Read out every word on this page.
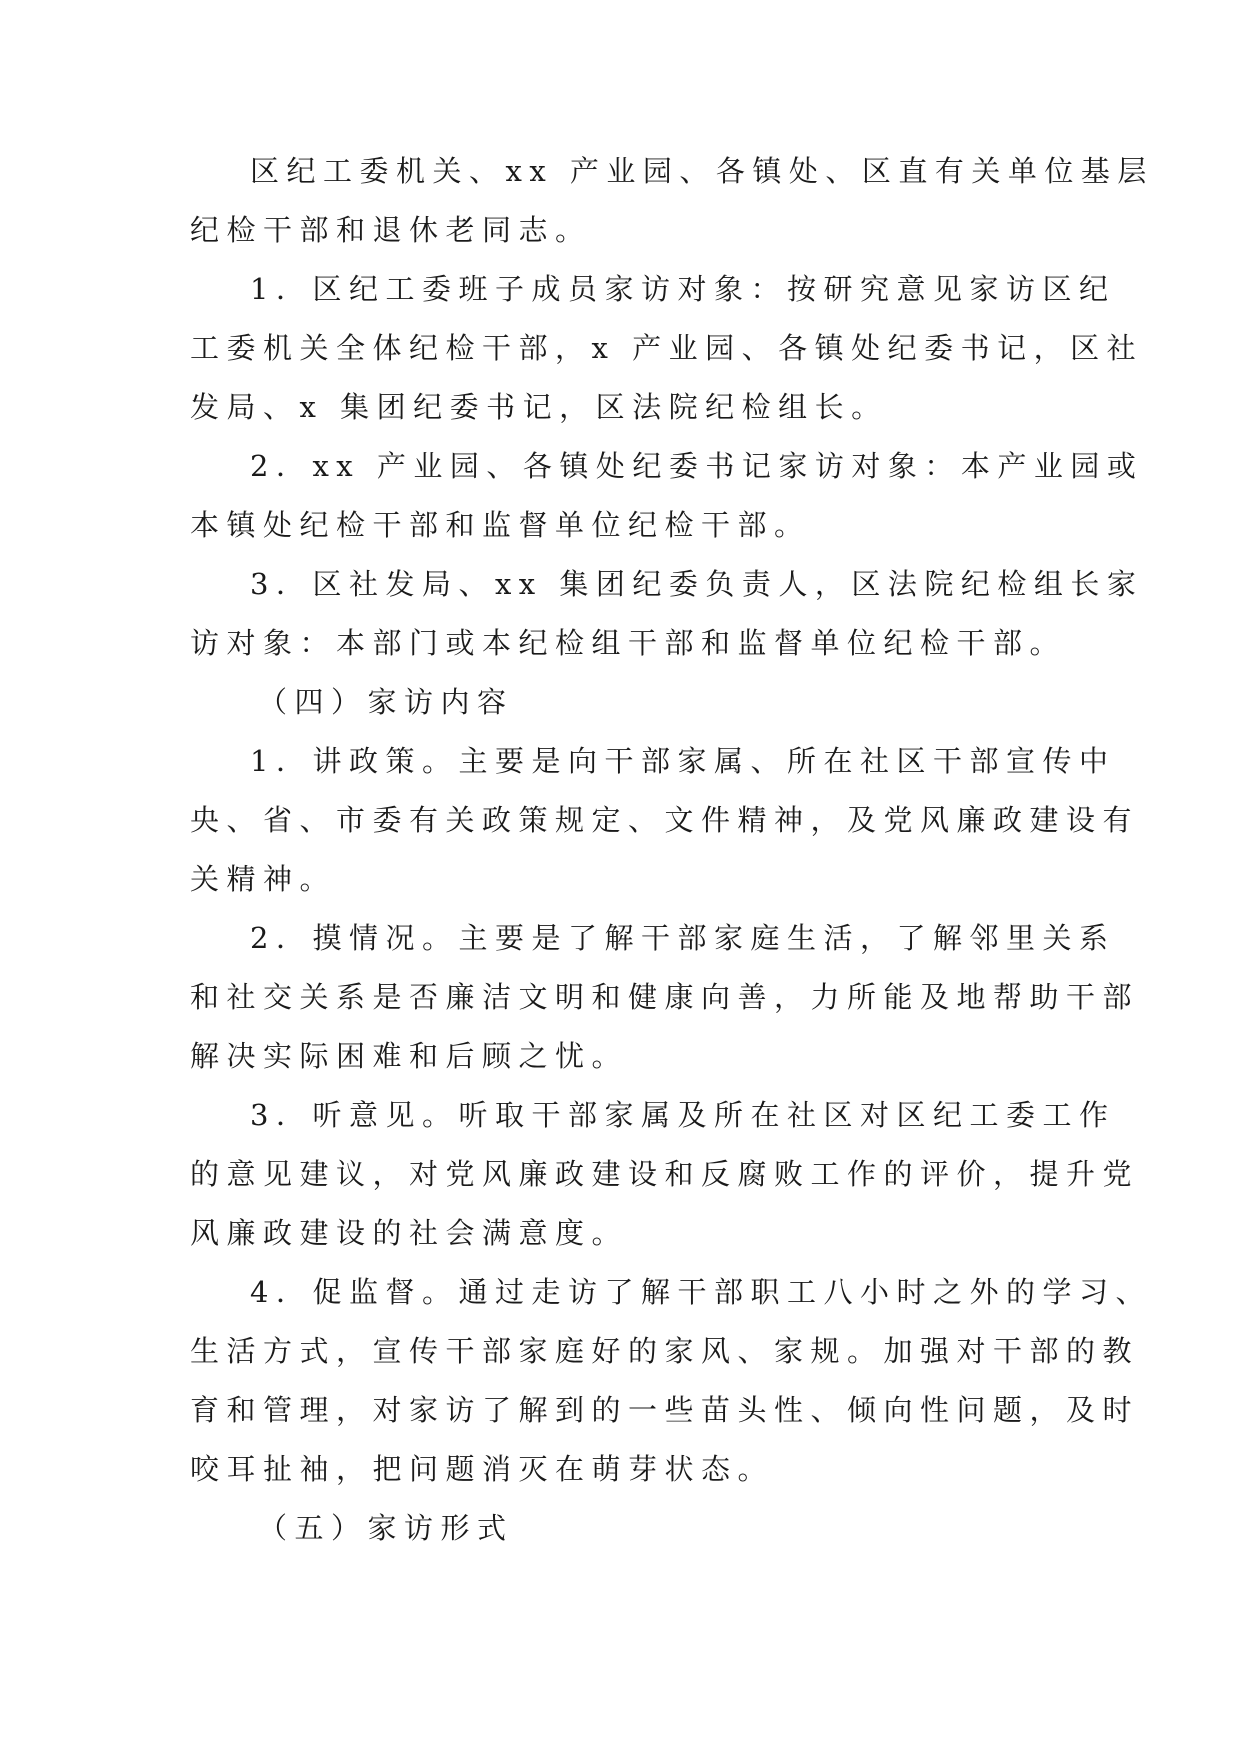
区纪工委机关、xx 产业园、各镇处、区直有关单位基层
纪检干部和退休老同志。
1．区纪工委班子成员家访对象：按研究意见家访区纪
工委机关全体纪检干部，x 产业园、各镇处纪委书记，区社
发局、x 集团纪委书记，区法院纪检组长。
2．xx 产业园、各镇处纪委书记家访对象：本产业园或
本镇处纪检干部和监督单位纪检干部。
3．区社发局、xx 集团纪委负责人，区法院纪检组长家
访对象：本部门或本纪检组干部和监督单位纪检干部。
（四）家访内容
1．讲政策。主要是向干部家属、所在社区干部宣传中
央、省、市委有关政策规定、文件精神，及党风廉政建设有
关精神。
2．摸情况。主要是了解干部家庭生活，了解邻里关系
和社交关系是否廉洁文明和健康向善，力所能及地帮助干部
解决实际困难和后顾之忧。
3．听意见。听取干部家属及所在社区对区纪工委工作
的意见建议，对党风廉政建设和反腐败工作的评价，提升党
风廉政建设的社会满意度。
4．促监督。通过走访了解干部职工八小时之外的学习、
生活方式，宣传干部家庭好的家风、家规。加强对干部的教
育和管理，对家访了解到的一些苗头性、倾向性问题，及时
咬耳扯袖，把问题消灭在萌芽状态。
（五）家访形式
